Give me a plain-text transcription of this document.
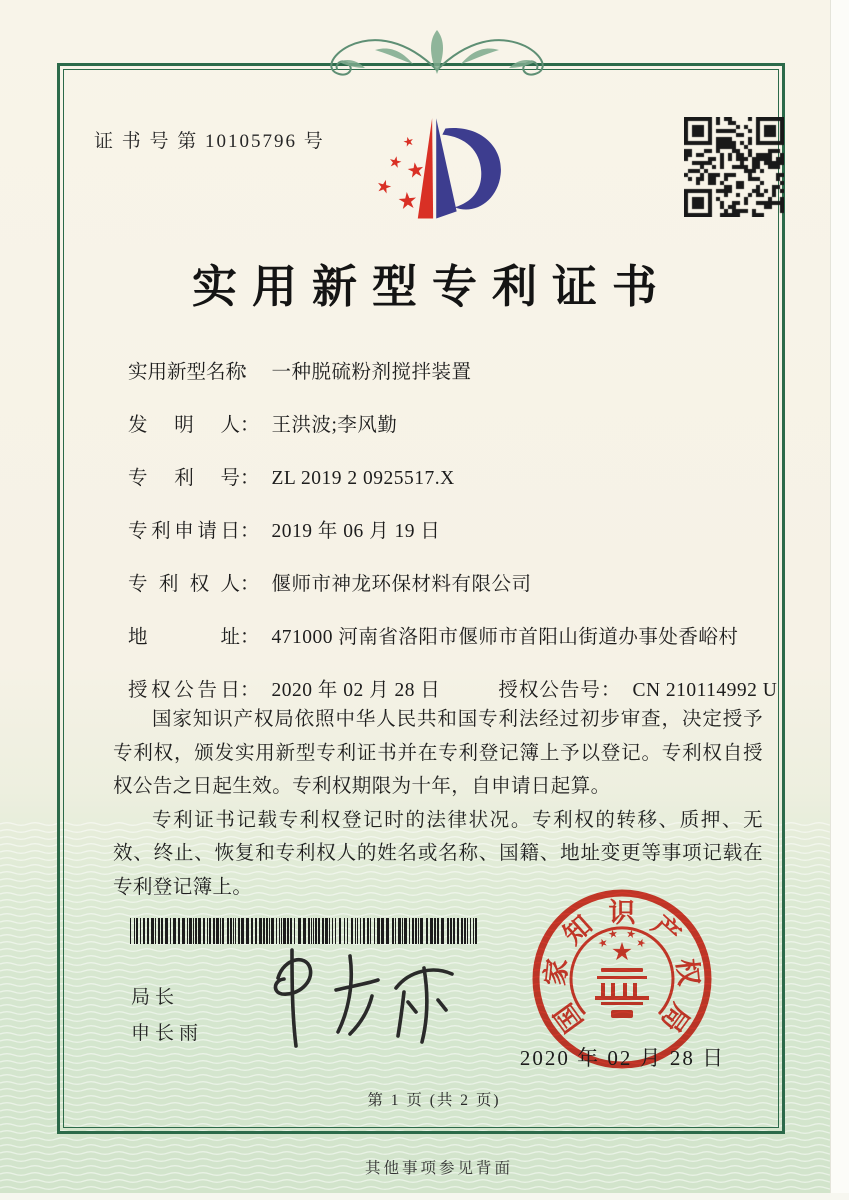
证 书 号 第 10105796 号
实用新型专利证书
实用新型名称： 一种脱硫粉剂搅拌装置
发明人： 王洪波;李风勤
专利号： ZL 2019 2 0925517.X
专利申请日： 2019 年 06 月 19 日
专利权人： 偃师市神龙环保材料有限公司
地址： 471000 河南省洛阳市偃师市首阳山街道办事处香峪村
授权公告日： 2020 年 02 月 28 日	授权公告号： CN 210114992 U

国家知识产权局依照中华人民共和国专利法经过初步审查，决定授予专利权，颁发实用新型专利证书并在专利登记簿上予以登记。专利权自授权公告之日起生效。专利权期限为十年，自申请日起算。

专利证书记载专利权登记时的法律状况。专利权的转移、质押、无效、终止、恢复和专利权人的姓名或名称、国籍、地址变更等事项记载在专利登记簿上。

局长
申长雨	国
家
知 识 产
权
局
2020 年 02 月 28 日
第 1 页 (共 2 页)
其他事项参见背面
